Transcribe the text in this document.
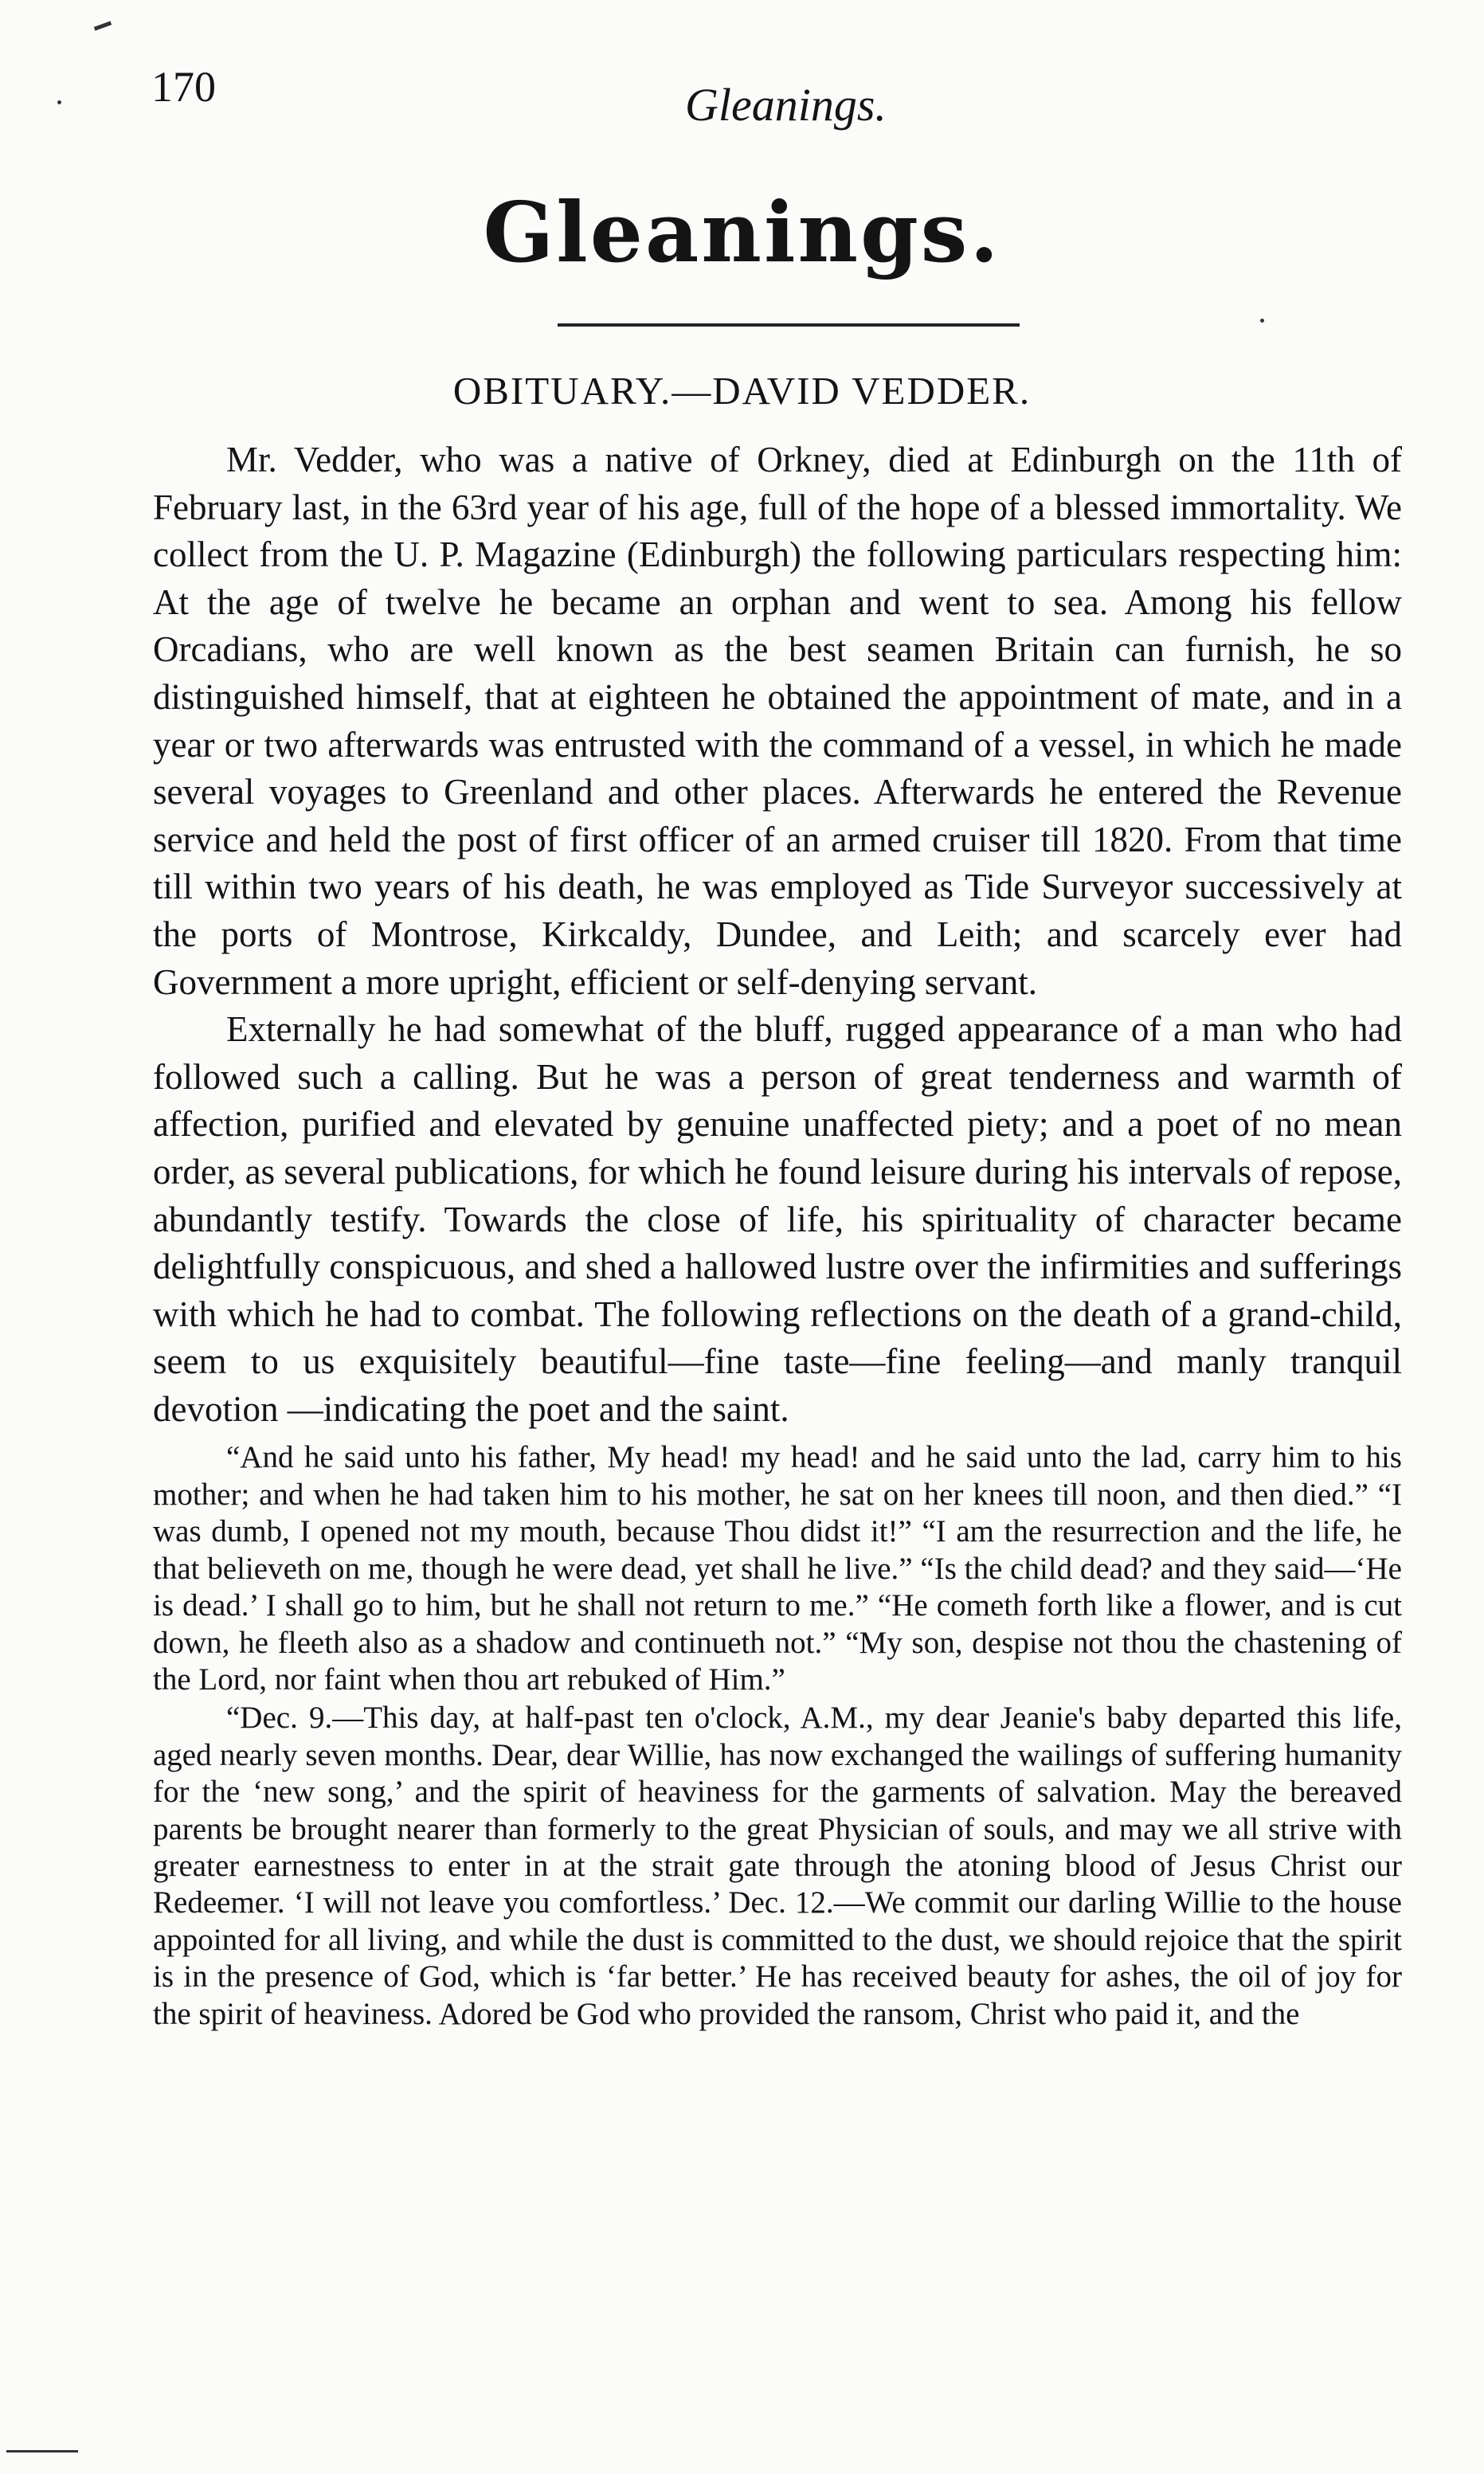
170	Gleanings.
Gleanings.
OBITUARY.—DAVID VEDDER.

Mr. Vedder, who was a native of Orkney, died at Edinburgh on the 11th of February last, in the 63rd year of his age, full of the hope of a blessed immortality. We collect from the U. P. Magazine (Edinburgh) the following particulars respecting him: At the age of twelve he became an orphan and went to sea. Among his fellow Orcadians, who are well known as the best seamen Britain can furnish, he so distinguished himself, that at eighteen he obtained the appointment of mate, and in a year or two afterwards was entrusted with the command of a vessel, in which he made several voyages to Greenland and other places. Afterwards he entered the Revenue service and held the post of first officer of an armed cruiser till 1820. From that time till within two years of his death, he was employed as Tide Surveyor successively at the ports of Montrose, Kirkcaldy, Dundee, and Leith; and scarcely ever had Government a more upright, efficient or self-denying servant.

Externally he had somewhat of the bluff, rugged appearance of a man who had followed such a calling. But he was a person of great tenderness and warmth of affection, purified and elevated by genuine unaffected piety; and a poet of no mean order, as several publications, for which he found leisure during his intervals of repose, abundantly testify. Towards the close of life, his spirituality of character became delightfully conspicuous, and shed a hallowed lustre over the infirmities and sufferings with which he had to combat. The following reflections on the death of a grand-child, seem to us exquisitely beautiful—fine taste—fine feeling—and manly tranquil devotion —indicating the poet and the saint.

“And he said unto his father, My head! my head! and he said unto the lad, carry him to his mother; and when he had taken him to his mother, he sat on her knees till noon, and then died.” “I was dumb, I opened not my mouth, because Thou didst it!” “I am the resurrection and the life, he that believeth on me, though he were dead, yet shall he live.” “Is the child dead? and they said—‘He is dead.’ I shall go to him, but he shall not return to me.” “He cometh forth like a flower, and is cut down, he fleeth also as a shadow and continueth not.” “My son, despise not thou the chastening of the Lord, nor faint when thou art rebuked of Him.”

“Dec. 9.—This day, at half-past ten o'clock, A.M., my dear Jeanie's baby departed this life, aged nearly seven months. Dear, dear Willie, has now exchanged the wailings of suffering humanity for the ‘new song,’ and the spirit of heaviness for the garments of salvation. May the bereaved parents be brought nearer than formerly to the great Physician of souls, and may we all strive with greater earnestness to enter in at the strait gate through the atoning blood of Jesus Christ our Redeemer. ‘I will not leave you comfortless.’ Dec. 12.—We commit our darling Willie to the house appointed for all living, and while the dust is committed to the dust, we should rejoice that the spirit is in the presence of God, which is ‘far better.’ He has received beauty for ashes, the oil of joy for the spirit of heaviness. Adored be God who provided the ransom, Christ who paid it, and the
